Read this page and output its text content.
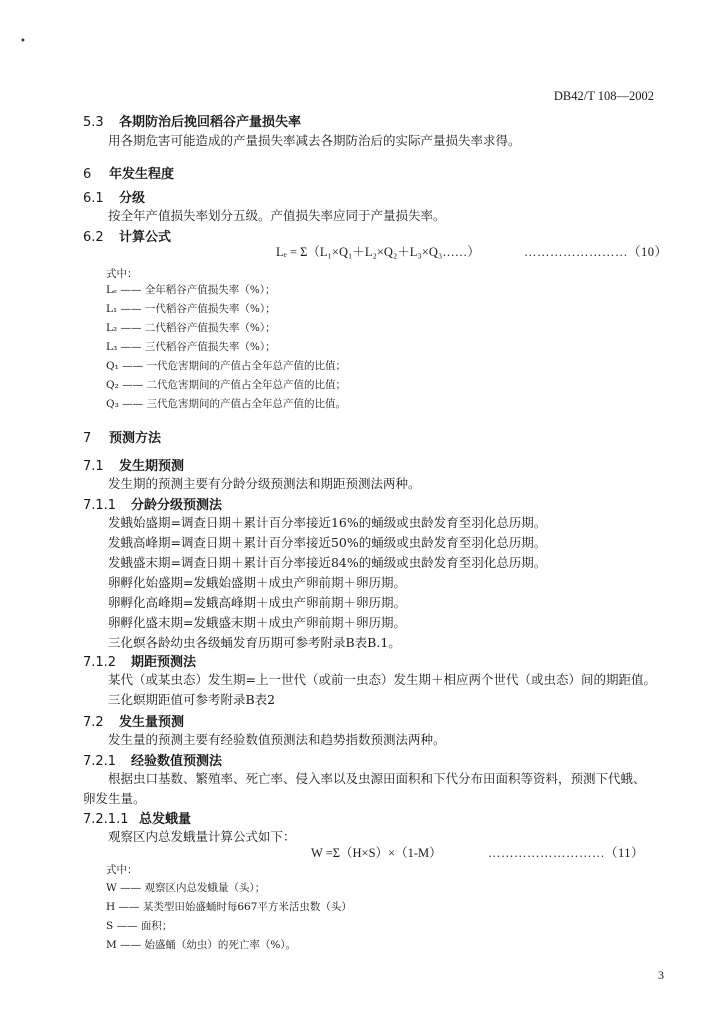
•
DB42/T 108—2002
5.3 各期防治后挽回稻谷产量损失率
用各期危害可能造成的产量损失率减去各期防治后的实际产量损失率求得。
6 年发生程度
6.1 分级
按全年产值损失率划分五级。产值损失率应同于产量损失率。
6.2 计算公式
Lₑ = Σ（L₁×Q₁＋L₂×Q₂＋L₃×Q₃……）	……………………（10）
式中：
Lₑ —— 全年稻谷产值损失率（%）；
L₁ —— 一代稻谷产值损失率（%）；
L₂ —— 二代稻谷产值损失率（%）；
L₃ —— 三代稻谷产值损失率（%）；
Q₁ —— 一代危害期间的产值占全年总产值的比值；
Q₂ —— 二代危害期间的产值占全年总产值的比值；
Q₃ —— 三代危害期间的产值占全年总产值的比值。
7 预测方法
7.1 发生期预测
发生期的预测主要有分龄分级预测法和期距预测法两种。
7.1.1 分龄分级预测法
发蛾始盛期=调查日期＋累计百分率接近16%的蛹级或虫龄发育至羽化总历期。
发蛾高峰期=调查日期＋累计百分率接近50%的蛹级或虫龄发育至羽化总历期。
发蛾盛末期=调查日期＋累计百分率接近84%的蛹级或虫龄发育至羽化总历期。
卵孵化始盛期=发蛾始盛期＋成虫产卵前期＋卵历期。
卵孵化高峰期=发蛾高峰期＋成虫产卵前期＋卵历期。
卵孵化盛末期=发蛾盛末期＋成虫产卵前期＋卵历期。
三化螟各龄幼虫各级蛹发育历期可参考附录B表B.1。
7.1.2 期距预测法
某代（或某虫态）发生期=上一世代（或前一虫态）发生期＋相应两个世代（或虫态）间的期距值。
三化螟期距值可参考附录B表2
7.2 发生量预测
发生量的预测主要有经验数值预测法和趋势指数预测法两种。
7.2.1 经验数值预测法
根据虫口基数、繁殖率、死亡率、侵入率以及虫源田面积和下代分布田面积等资料，预测下代蛾、
卵发生量。
7.2.1.1 总发蛾量
观察区内总发蛾量计算公式如下：
W =Σ（H×S）×（1-M）	………………………（11）
式中：
W —— 观察区内总发蛾量（头）；
H —— 某类型田始盛蛹时每667平方米活虫数（头）
S —— 面积；
M —— 始盛蛹（幼虫）的死亡率（%）。
3
